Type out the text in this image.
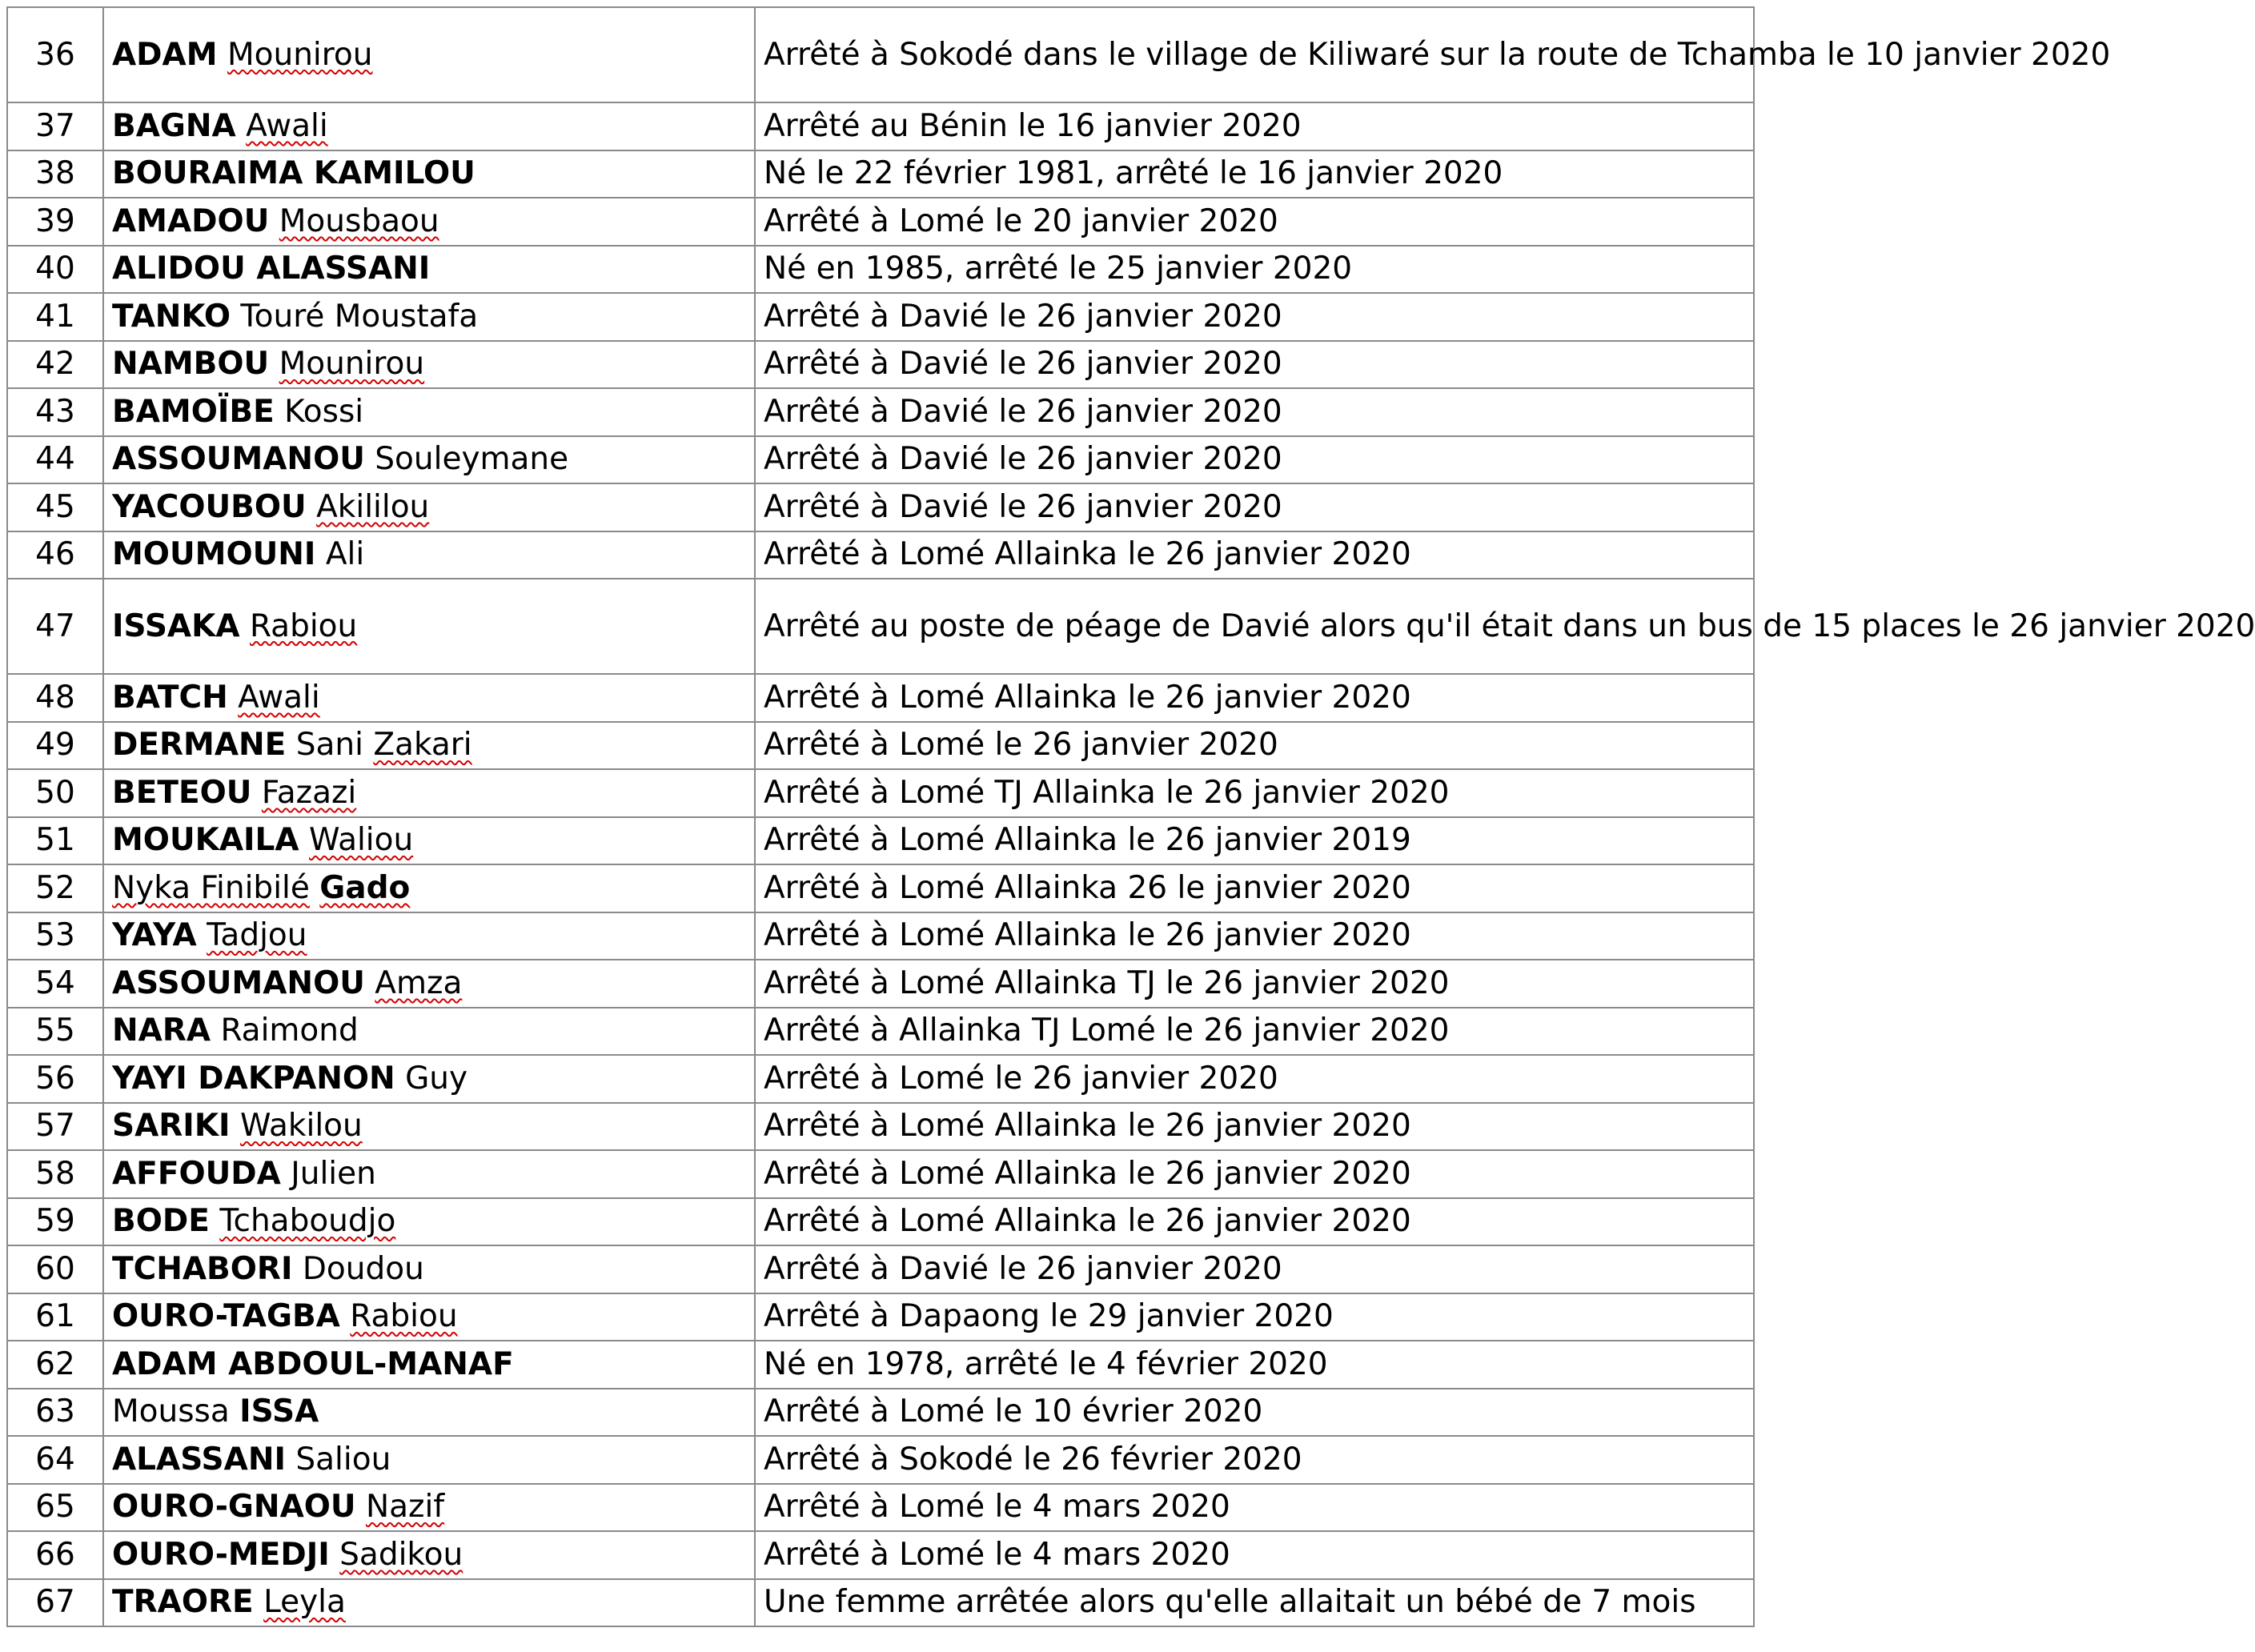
36	ADAM Mounirou	Arrêté à Sokodé dans le village de Kiliwaré sur la route de Tchamba le 10 janvier 2020
37	BAGNA Awali	Arrêté au Bénin le 16 janvier 2020
38	BOURAIMA KAMILOU	Né le 22 février 1981, arrêté le 16 janvier 2020
39	AMADOU Mousbaou	Arrêté à Lomé le 20 janvier 2020
40	ALIDOU ALASSANI	Né en 1985, arrêté le 25 janvier 2020
41	TANKO Touré Moustafa	Arrêté à Davié le 26 janvier 2020
42	NAMBOU Mounirou	Arrêté à Davié le 26 janvier 2020
43	BAMOÏBE Kossi	Arrêté à Davié le 26 janvier 2020
44	ASSOUMANOU Souleymane	Arrêté à Davié le 26 janvier 2020
45	YACOUBOU Akililou	Arrêté à Davié le 26 janvier 2020
46	MOUMOUNI Ali	Arrêté à Lomé Allainka le 26 janvier 2020
47	ISSAKA Rabiou	Arrêté au poste de péage de Davié alors qu'il était dans un bus de 15 places le 26 janvier 2020
48	BATCH Awali	Arrêté à Lomé Allainka le 26 janvier 2020
49	DERMANE Sani Zakari	Arrêté à Lomé le 26 janvier 2020
50	BETEOU Fazazi	Arrêté à Lomé TJ Allainka le 26 janvier 2020
51	MOUKAILA Waliou	Arrêté à Lomé Allainka le 26 janvier 2019
52	Nyka Finibilé Gado	Arrêté à Lomé Allainka 26 le janvier 2020
53	YAYA Tadjou	Arrêté à Lomé Allainka le 26 janvier 2020
54	ASSOUMANOU Amza	Arrêté à Lomé Allainka TJ le 26 janvier 2020
55	NARA Raimond	Arrêté à Allainka TJ Lomé le 26 janvier 2020
56	YAYI DAKPANON Guy	Arrêté à Lomé le 26 janvier 2020
57	SARIKI Wakilou	Arrêté à Lomé Allainka le 26 janvier 2020
58	AFFOUDA Julien	Arrêté à Lomé Allainka le 26 janvier 2020
59	BODE Tchaboudjo	Arrêté à Lomé Allainka le 26 janvier 2020
60	TCHABORI Doudou	Arrêté à Davié le 26 janvier 2020
61	OURO-TAGBA Rabiou	Arrêté à Dapaong le 29 janvier 2020
62	ADAM ABDOUL-MANAF	Né en 1978, arrêté le 4 février 2020
63	Moussa ISSA	Arrêté à Lomé le 10 évrier 2020
64	ALASSANI Saliou	Arrêté à Sokodé le 26 février 2020
65	OURO-GNAOU Nazif	Arrêté à Lomé le 4 mars 2020
66	OURO-MEDJI Sadikou	Arrêté à Lomé le 4 mars 2020
67	TRAORE Leyla	Une femme arrêtée alors qu'elle allaitait un bébé de 7 mois
